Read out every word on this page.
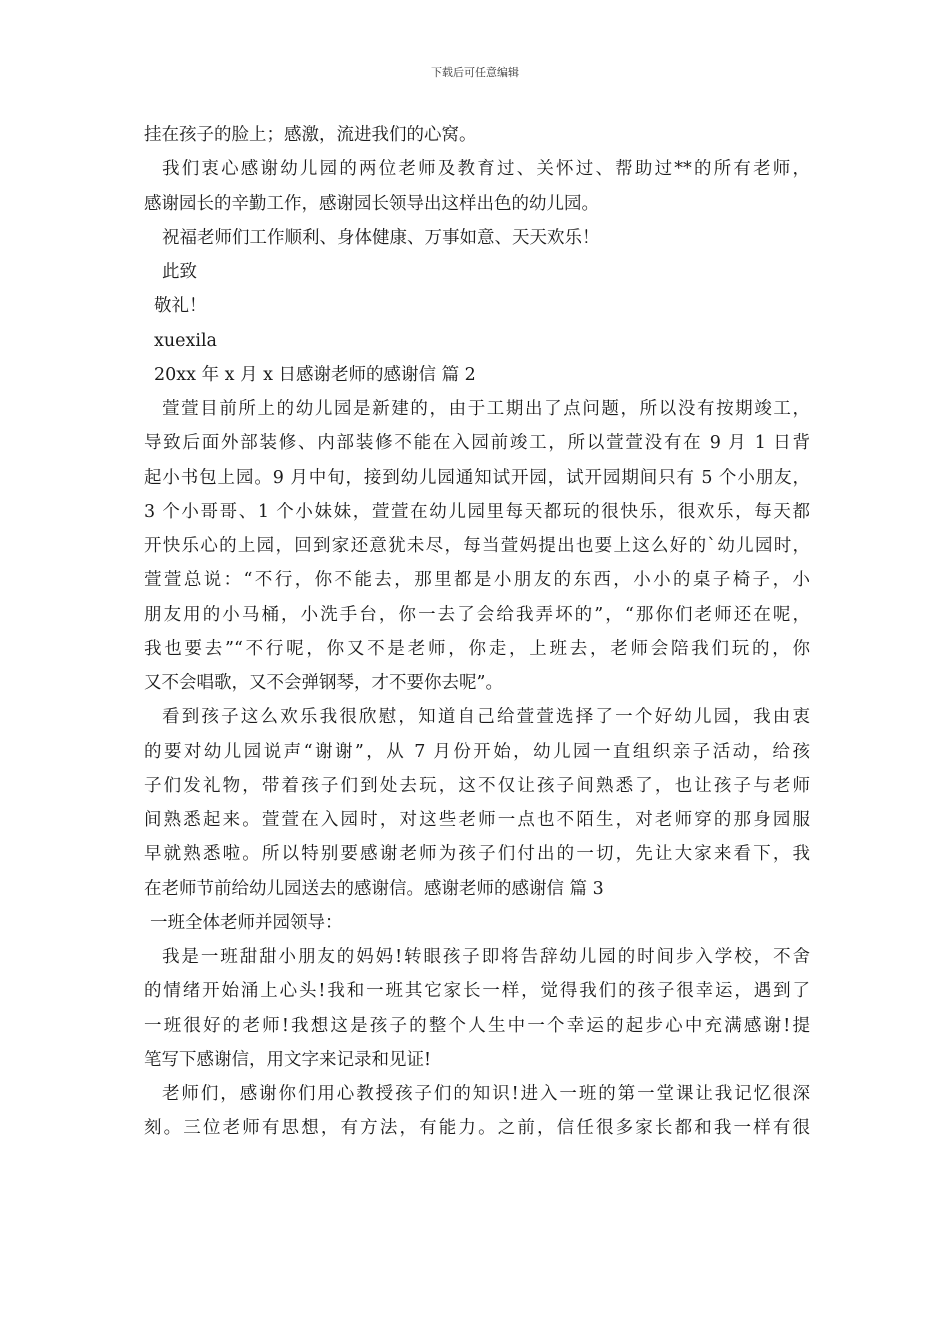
下载后可任意编辑
挂在孩子的脸上；感激，流进我们的心窝。
我们衷心感谢幼儿园的两位老师及教育过、关怀过、帮助过**的所有老师，
感谢园长的辛勤工作，感谢园长领导出这样出色的幼儿园。
祝福老师们工作顺利、身体健康、万事如意、天天欢乐！
此致
敬礼！
xuexila
20xx 年 x 月 x 日感谢老师的感谢信 篇 2
萱萱目前所上的幼儿园是新建的，由于工期出了点问题，所以没有按期竣工，
导致后面外部装修、内部装修不能在入园前竣工，所以萱萱没有在 9 月 1 日背
起小书包上园。9 月中旬，接到幼儿园通知试开园，试开园期间只有 5 个小朋友，
3 个小哥哥、1 个小妹妹，萱萱在幼儿园里每天都玩的很快乐，很欢乐，每天都
开快乐心的上园，回到家还意犹未尽，每当萱妈提出也要上这么好的`幼儿园时，
萱萱总说：“不行，你不能去，那里都是小朋友的东西，小小的桌子椅子，小
朋友用的小马桶，小洗手台，你一去了会给我弄坏的”，“那你们老师还在呢，
我也要去”“不行呢，你又不是老师，你走，上班去，老师会陪我们玩的，你
又不会唱歌，又不会弹钢琴，才不要你去呢”。
看到孩子这么欢乐我很欣慰，知道自己给萱萱选择了一个好幼儿园，我由衷
的要对幼儿园说声“谢谢”，从 7 月份开始，幼儿园一直组织亲子活动，给孩
子们发礼物，带着孩子们到处去玩，这不仅让孩子间熟悉了，也让孩子与老师
间熟悉起来。萱萱在入园时，对这些老师一点也不陌生，对老师穿的那身园服
早就熟悉啦。所以特别要感谢老师为孩子们付出的一切，先让大家来看下，我
在老师节前给幼儿园送去的感谢信。感谢老师的感谢信 篇 3
一班全体老师并园领导：
我是一班甜甜小朋友的妈妈!转眼孩子即将告辞幼儿园的时间步入学校，不舍
的情绪开始涌上心头!我和一班其它家长一样，觉得我们的孩子很幸运，遇到了
一班很好的老师!我想这是孩子的整个人生中一个幸运的起步心中充满感谢!提
笔写下感谢信，用文字来记录和见证!
老师们，感谢你们用心教授孩子们的知识!进入一班的第一堂课让我记忆很深
刻。三位老师有思想，有方法，有能力。之前，信任很多家长都和我一样有很
